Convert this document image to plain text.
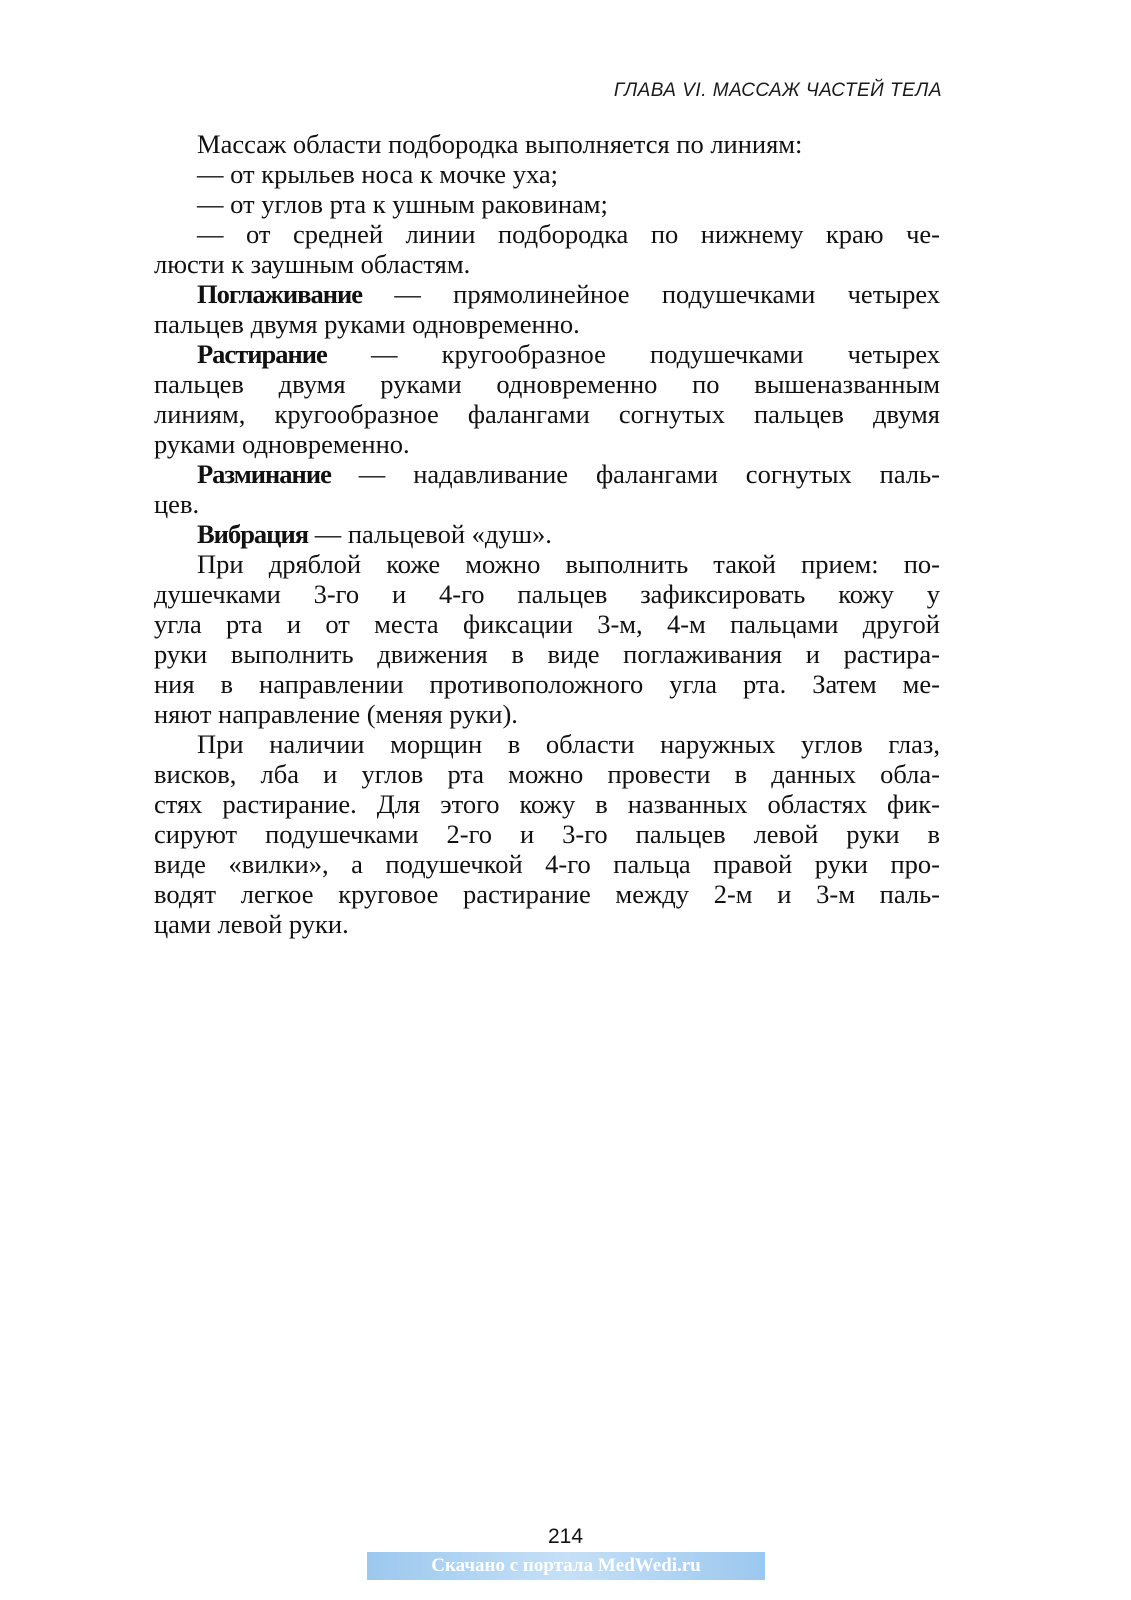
ГЛАВА VI. МАССАЖ ЧАСТЕЙ ТЕЛА
Массаж области подбородка выполняется по линиям:
— от крыльев носа к мочке уха;
— от углов рта к ушным раковинам;
— от средней линии подбородка по нижнему краю че-
люсти к заушным областям.
Поглаживание — прямолинейное подушечками четырех
пальцев двумя руками одновременно.
Растирание — кругообразное подушечками четырех
пальцев двумя руками одновременно по вышеназванным
линиям, кругообразное фалангами согнутых пальцев двумя
руками одновременно.
Разминание — надавливание фалангами согнутых паль-
цев.
Вибрация — пальцевой «душ».
При дряблой коже можно выполнить такой прием: по-
душечками 3-го и 4-го пальцев зафиксировать кожу у
угла рта и от места фиксации 3-м, 4-м пальцами другой
руки выполнить движения в виде поглаживания и растира-
ния в направлении противоположного угла рта. Затем ме-
няют направление (меняя руки).
При наличии морщин в области наружных углов глаз,
висков, лба и углов рта можно провести в данных обла-
стях растирание. Для этого кожу в названных областях фик-
сируют подушечками 2-го и 3-го пальцев левой руки в
виде «вилки», а подушечкой 4-го пальца правой руки про-
водят легкое круговое растирание между 2-м и 3-м паль-
цами левой руки.
214
Скачано с портала MedWedi.ru
